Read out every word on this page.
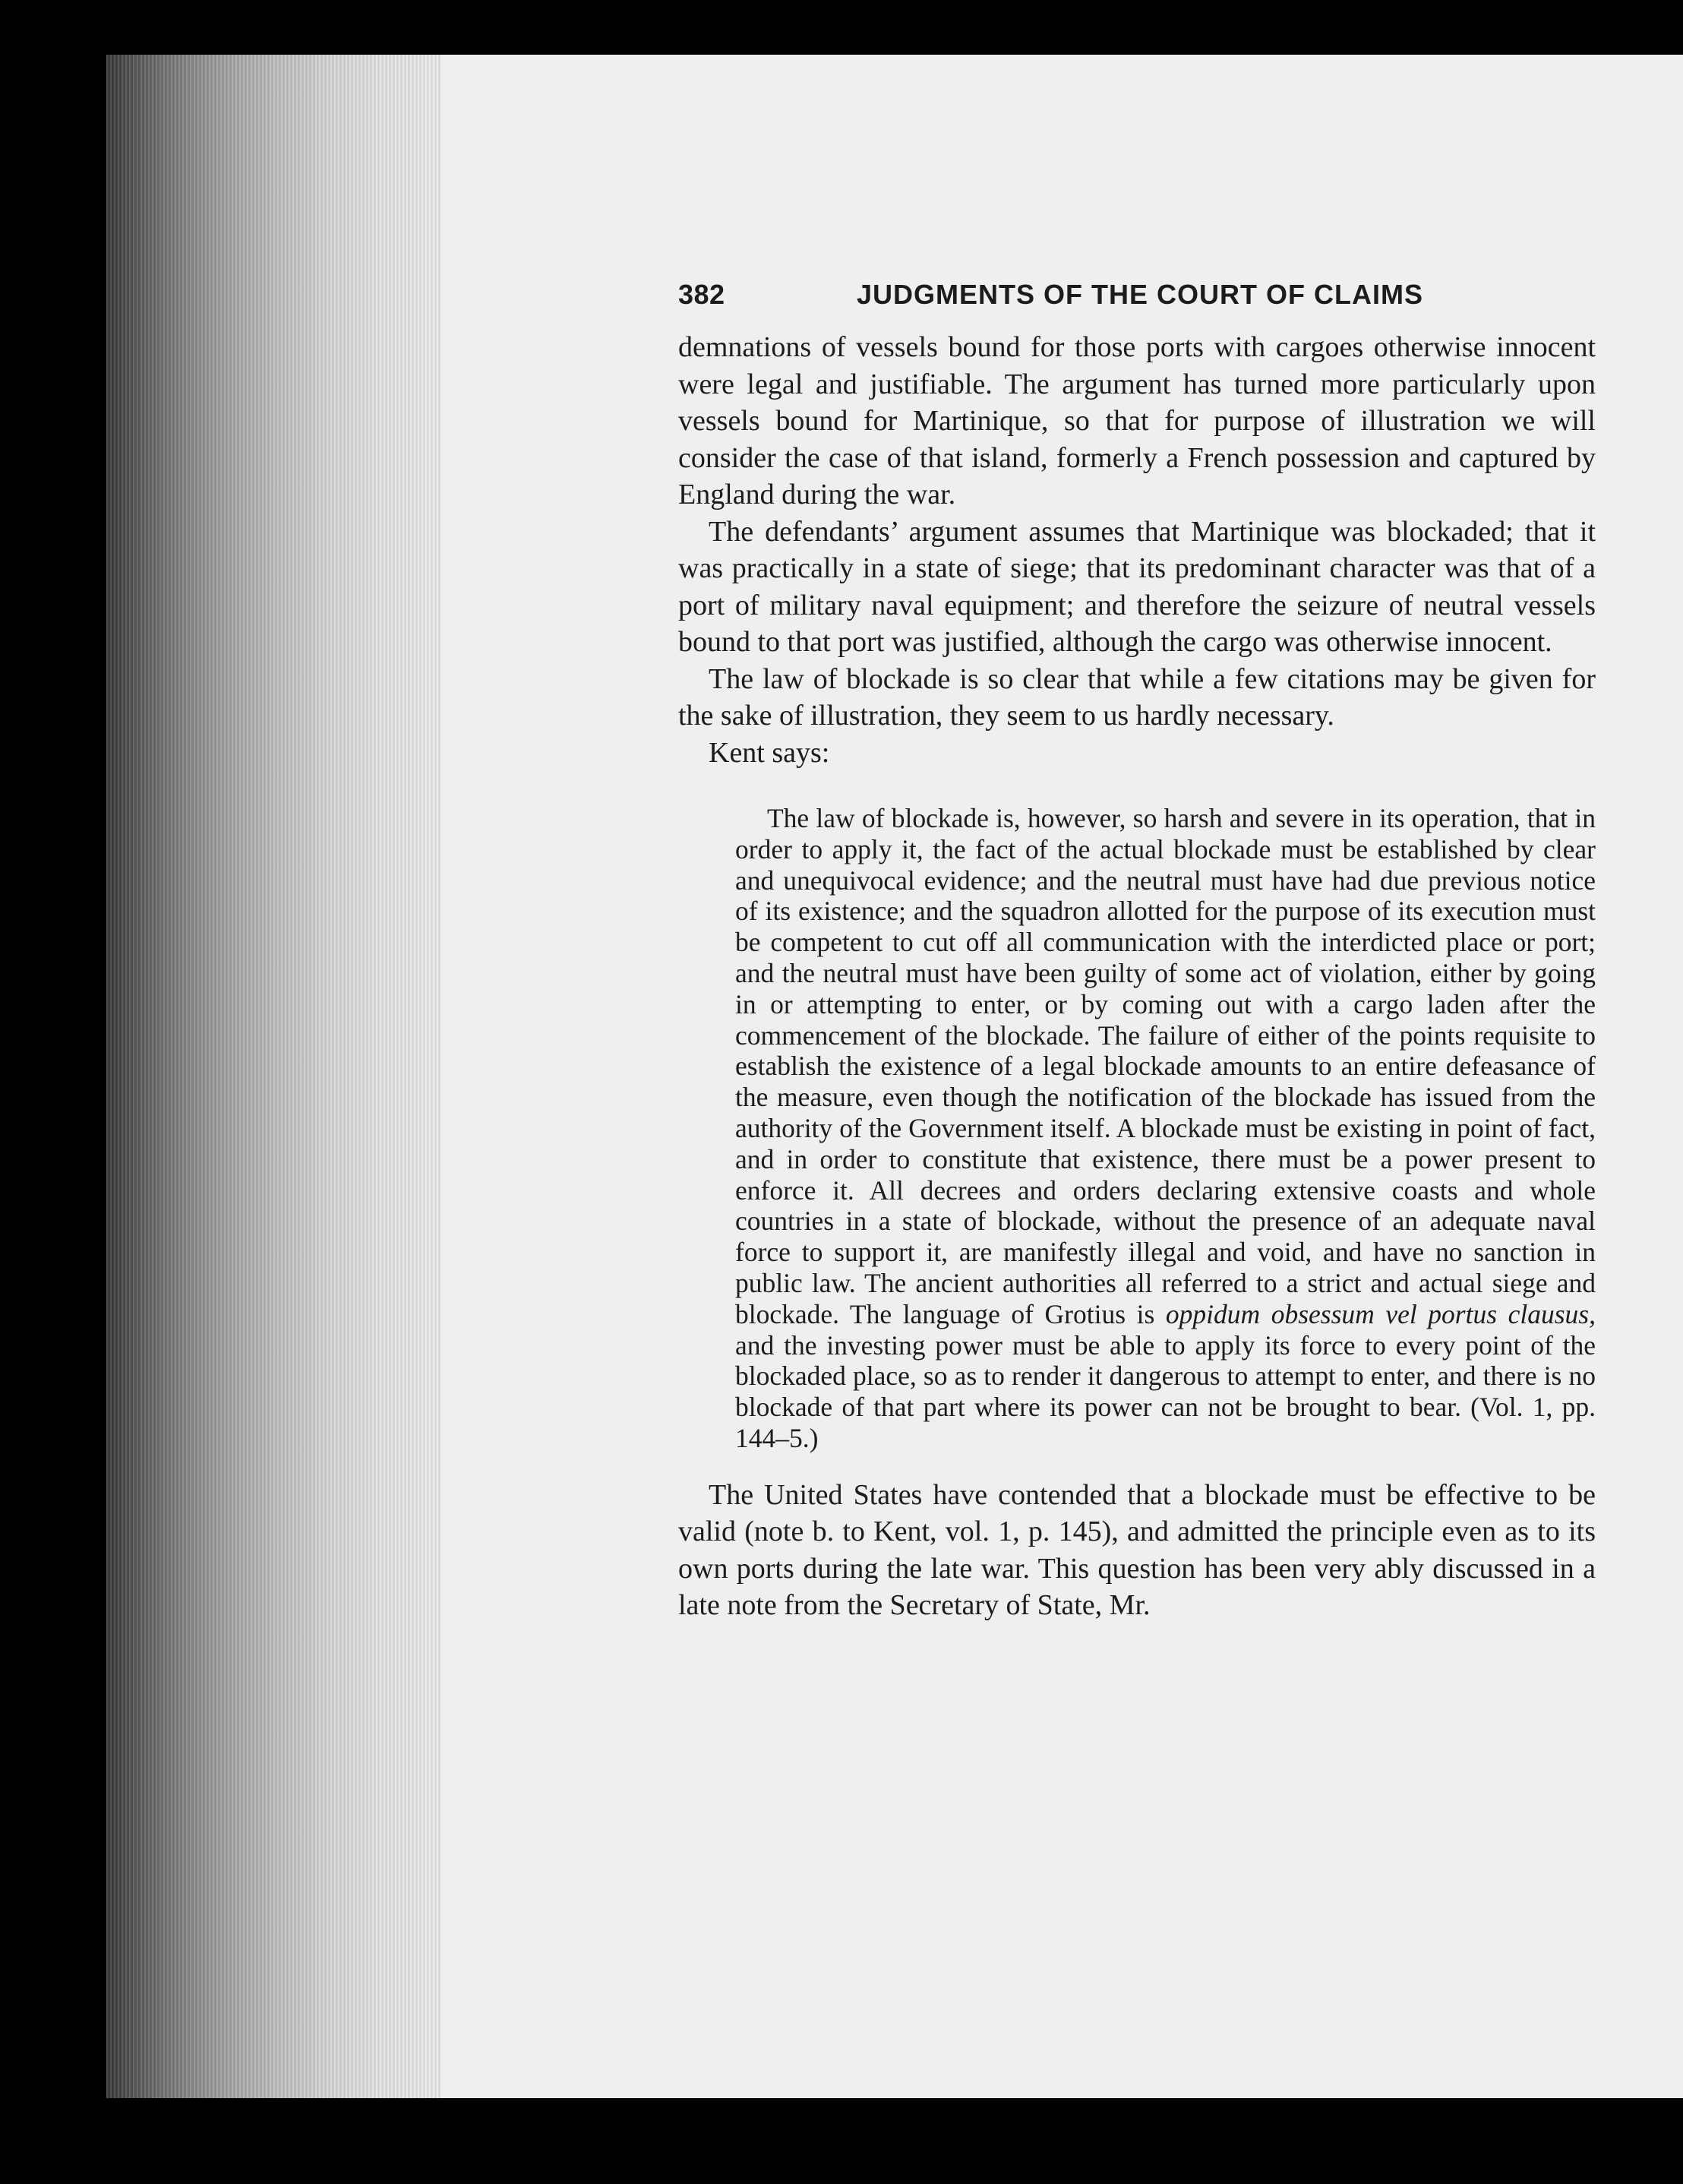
382	JUDGMENTS OF THE COURT OF CLAIMS

demnations of vessels bound for those ports with cargoes otherwise innocent were legal and justifiable. The argument has turned more particularly upon vessels bound for Martinique, so that for purpose of illustration we will consider the case of that island, formerly a French possession and captured by England during the war.

The defendants’ argument assumes that Martinique was blockaded; that it was practically in a state of siege; that its predominant character was that of a port of military naval equipment; and therefore the seizure of neutral vessels bound to that port was justified, although the cargo was otherwise innocent.

The law of blockade is so clear that while a few citations may be given for the sake of illustration, they seem to us hardly necessary.

Kent says:

The law of blockade is, however, so harsh and severe in its operation, that in order to apply it, the fact of the actual blockade must be established by clear and unequivocal evidence; and the neutral must have had due previous notice of its existence; and the squadron allotted for the purpose of its execution must be competent to cut off all communication with the interdicted place or port; and the neutral must have been guilty of some act of violation, either by going in or attempting to enter, or by coming out with a cargo laden after the commencement of the blockade. The failure of either of the points requisite to establish the existence of a legal blockade amounts to an entire defeasance of the measure, even though the notification of the blockade has issued from the authority of the Government itself. A blockade must be existing in point of fact, and in order to constitute that existence, there must be a power present to enforce it. All decrees and orders declaring extensive coasts and whole countries in a state of blockade, without the presence of an adequate naval force to support it, are manifestly illegal and void, and have no sanction in public law. The ancient authorities all referred to a strict and actual siege and blockade. The language of Grotius is oppidum obsessum vel portus clausus, and the investing power must be able to apply its force to every point of the blockaded place, so as to render it dangerous to attempt to enter, and there is no blockade of that part where its power can not be brought to bear. (Vol. 1, pp. 144–5.)

The United States have contended that a blockade must be effective to be valid (note b. to Kent, vol. 1, p. 145), and admitted the principle even as to its own ports during the late war. This question has been very ably discussed in a late note from the Secretary of State, Mr.
